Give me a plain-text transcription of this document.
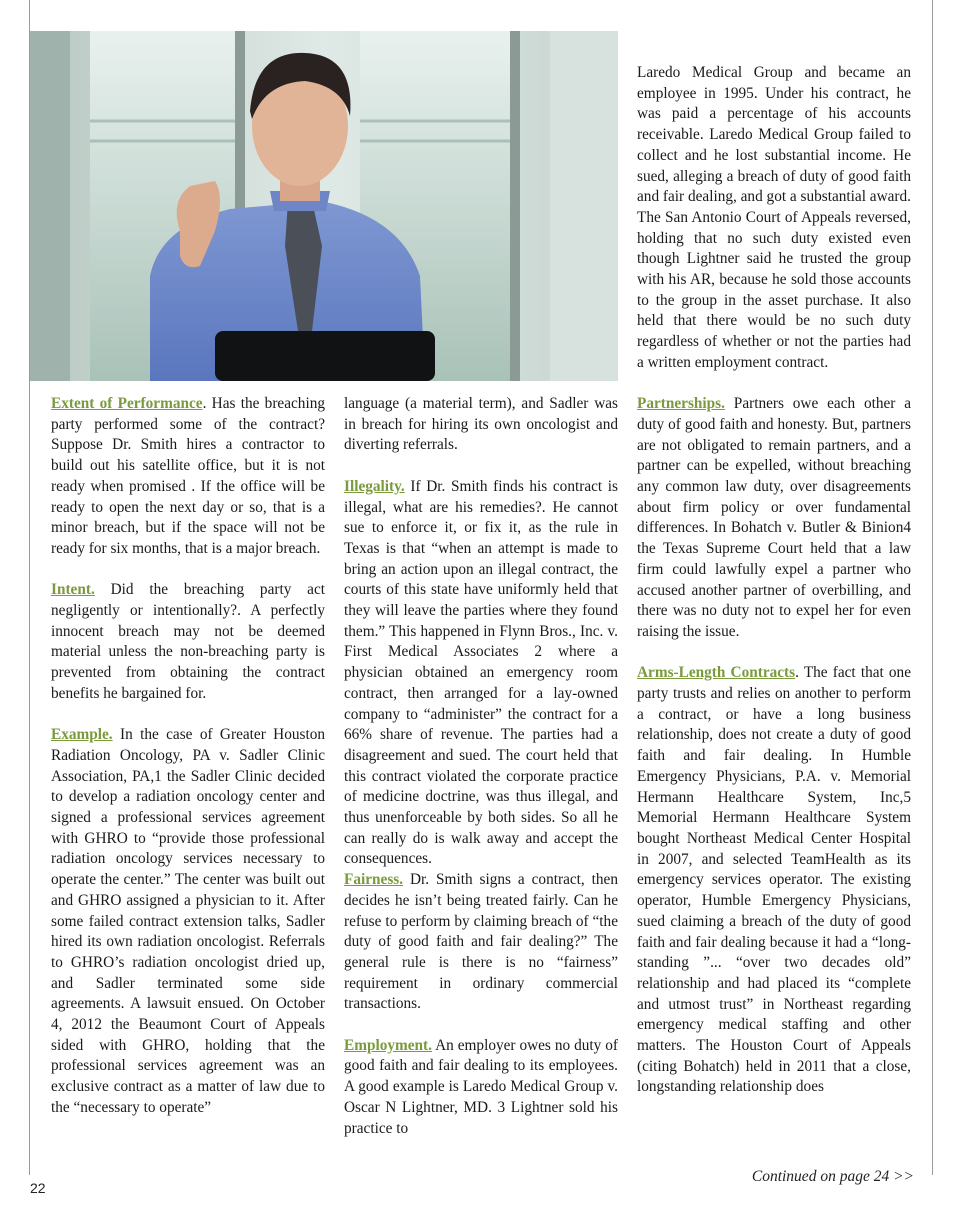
Extent of Performance. Has the breaching party performed some of the contract? Suppose Dr. Smith hires a contractor to build out his satellite office, but it is not ready when promised . If the office will be ready to open the next day or so, that is a minor breach, but if the space will not be ready for six months, that is a major breach.

Intent. Did the breaching party act negligently or intentionally?. A perfectly innocent breach may not be deemed material unless the non-breaching party is prevented from obtaining the contract benefits he bargained for.

Example. In the case of Greater Houston Radiation Oncology, PA v. Sadler Clinic Association, PA,1 the Sadler Clinic decided to develop a radiation oncology center and signed a professional services agreement with GHRO to “provide those professional radiation oncology services necessary to operate the center.” The center was built out and GHRO assigned a physician to it. After some failed contract extension talks, Sadler hired its own radiation oncologist. Referrals to GHRO’s radiation oncologist dried up, and Sadler terminated some side agreements. A lawsuit ensued. On October 4, 2012 the Beaumont Court of Appeals sided with GHRO, holding that the professional services agreement was an exclusive contract as a matter of law due to the “necessary to operate”

language (a material term), and Sadler was in breach for hiring its own oncologist and diverting referrals.

Illegality. If Dr. Smith finds his contract is illegal, what are his remedies?. He cannot sue to enforce it, or fix it, as the rule in Texas is that “when an attempt is made to bring an action upon an illegal contract, the courts of this state have uniformly held that they will leave the parties where they found them.” This happened in Flynn Bros., Inc. v. First Medical Associates 2 where a physician obtained an emergency room contract, then arranged for a lay-owned company to “administer” the contract for a 66% share of revenue. The parties had a disagreement and sued. The court held that this contract violated the corporate practice of medicine doctrine, was thus illegal, and thus unenforceable by both sides. So all he can really do is walk away and accept the consequences.

Fairness. Dr. Smith signs a contract, then decides he isn’t being treated fairly. Can he refuse to perform by claiming breach of “the duty of good faith and fair dealing?” The general rule is there is no “fairness” requirement in ordinary commercial transactions.

Employment. An employer owes no duty of good faith and fair dealing to its employees. A good example is Laredo Medical Group v. Oscar N Lightner, MD. 3 Lightner sold his practice to

Laredo Medical Group and became an employee in 1995. Under his contract, he was paid a percentage of his accounts receivable. Laredo Medical Group failed to collect and he lost substantial income. He sued, alleging a breach of duty of good faith and fair dealing, and got a substantial award. The San Antonio Court of Appeals reversed, holding that no such duty existed even though Lightner said he trusted the group with his AR, because he sold those accounts to the group in the asset purchase. It also held that there would be no such duty regardless of whether or not the parties had a written employment contract.

Partnerships. Partners owe each other a duty of good faith and honesty. But, partners are not obligated to remain partners, and a partner can be expelled, without breaching any common law duty, over disagreements about firm policy or over fundamental differences. In Bohatch v. Butler & Binion4 the Texas Supreme Court held that a law firm could lawfully expel a partner who accused another partner of overbilling, and there was no duty not to expel her for even raising the issue.

Arms-Length Contracts. The fact that one party trusts and relies on another to perform a contract, or have a long business relationship, does not create a duty of good faith and fair dealing. In Humble Emergency Physicians, P.A. v. Memorial Hermann Healthcare System, Inc,5 Memorial Hermann Healthcare System bought Northeast Medical Center Hospital in 2007, and selected TeamHealth as its emergency services operator. The existing operator, Humble Emergency Physicians, sued claiming a breach of the duty of good faith and fair dealing because it had a “long-standing ”... “over two decades old” relationship and had placed its “complete and utmost trust” in Northeast regarding emergency medical staffing and other matters. The Houston Court of Appeals (citing Bohatch) held in 2011 that a close, longstanding relationship does

22
Continued on page 24 >>
